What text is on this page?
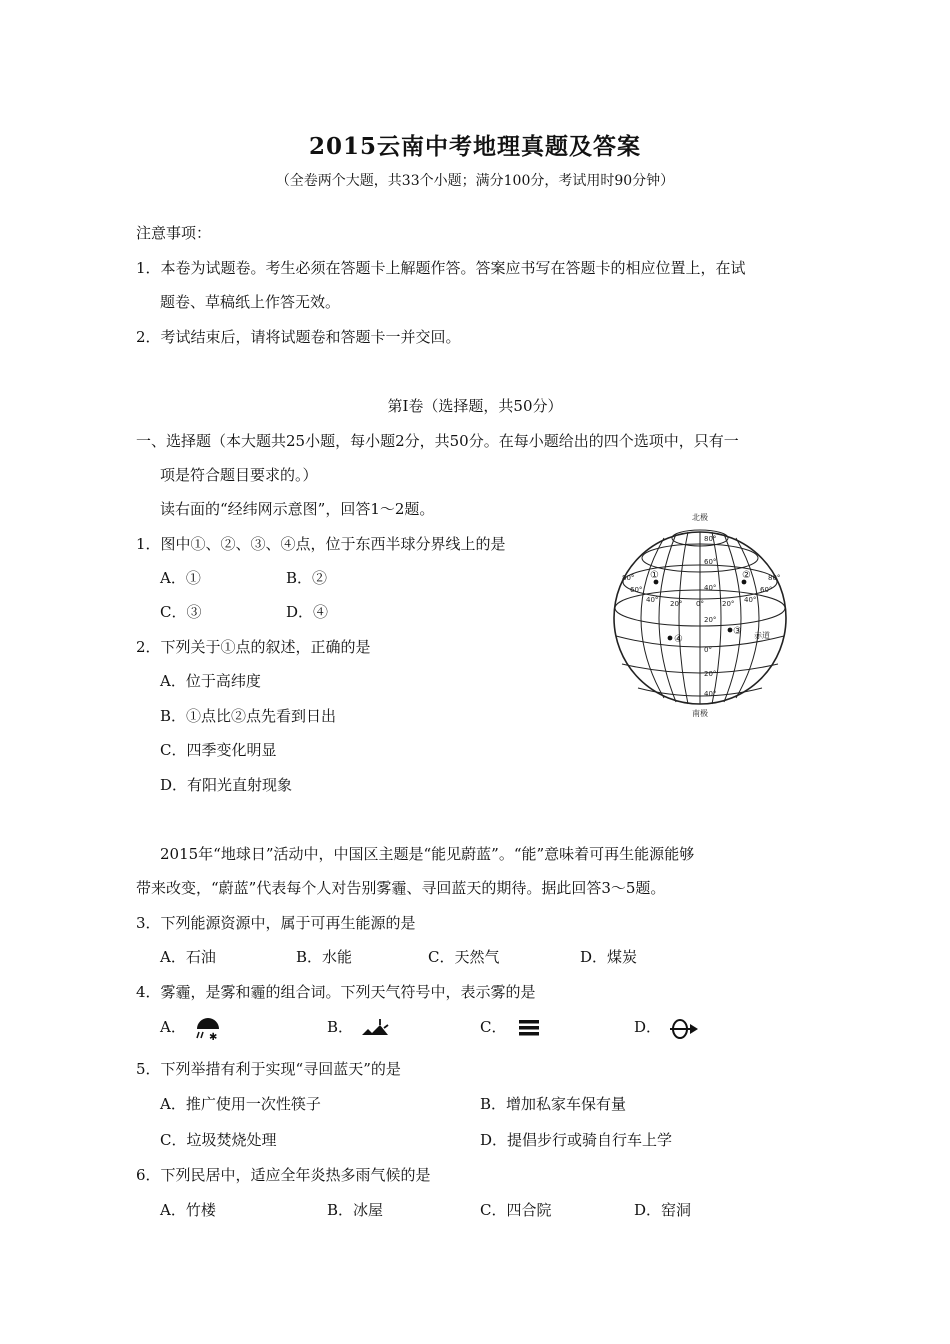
2015云南中考地理真题及答案
（全卷两个大题，共33个小题；满分100分，考试用时90分钟）
注意事项：
1．本卷为试题卷。考生必须在答题卡上解题作答。答案应书写在答题卡的相应位置上，在试
题卷、草稿纸上作答无效。
2．考试结束后，请将试题卷和答题卡一并交回。
第Ⅰ卷（选择题，共50分）
一、选择题（本大题共25小题，每小题2分，共50分。在每小题给出的四个选项中，只有一
项是符合题目要求的。）
读右面的“经纬网示意图”，回答1～2题。
1．图中①、②、③、④点，位于东西半球分界线上的是
A．①	B．②
C．③	D．④
2．下列关于①点的叙述，正确的是
A．位于高纬度
B．①点比②点先看到日出
C．四季变化明显
D．有阳光直射现象
北极
南极
80°
60°
40°
20°
0°
20°
40°
80°
60°
40° 20° 0°	20° 40°
60°
80°
赤道
①	②
③
④
2015年“地球日”活动中，中国区主题是“能见蔚蓝”。“能”意味着可再生能源能够
带来改变，“蔚蓝”代表每个人对告别雾霾、寻回蓝天的期待。据此回答3～5题。
3．下列能源资源中，属于可再生能源的是
A．石油	B．水能	C．天然气	D．煤炭
4．雾霾，是雾和霾的组合词。下列天气符号中，表示雾的是
A．
✱
B．	C．	D．
5．下列举措有利于实现“寻回蓝天”的是
A．推广使用一次性筷子	B．增加私家车保有量
C．垃圾焚烧处理	D．提倡步行或骑自行车上学
6．下列民居中，适应全年炎热多雨气候的是
A．竹楼	B．冰屋	C．四合院	D．窑洞
